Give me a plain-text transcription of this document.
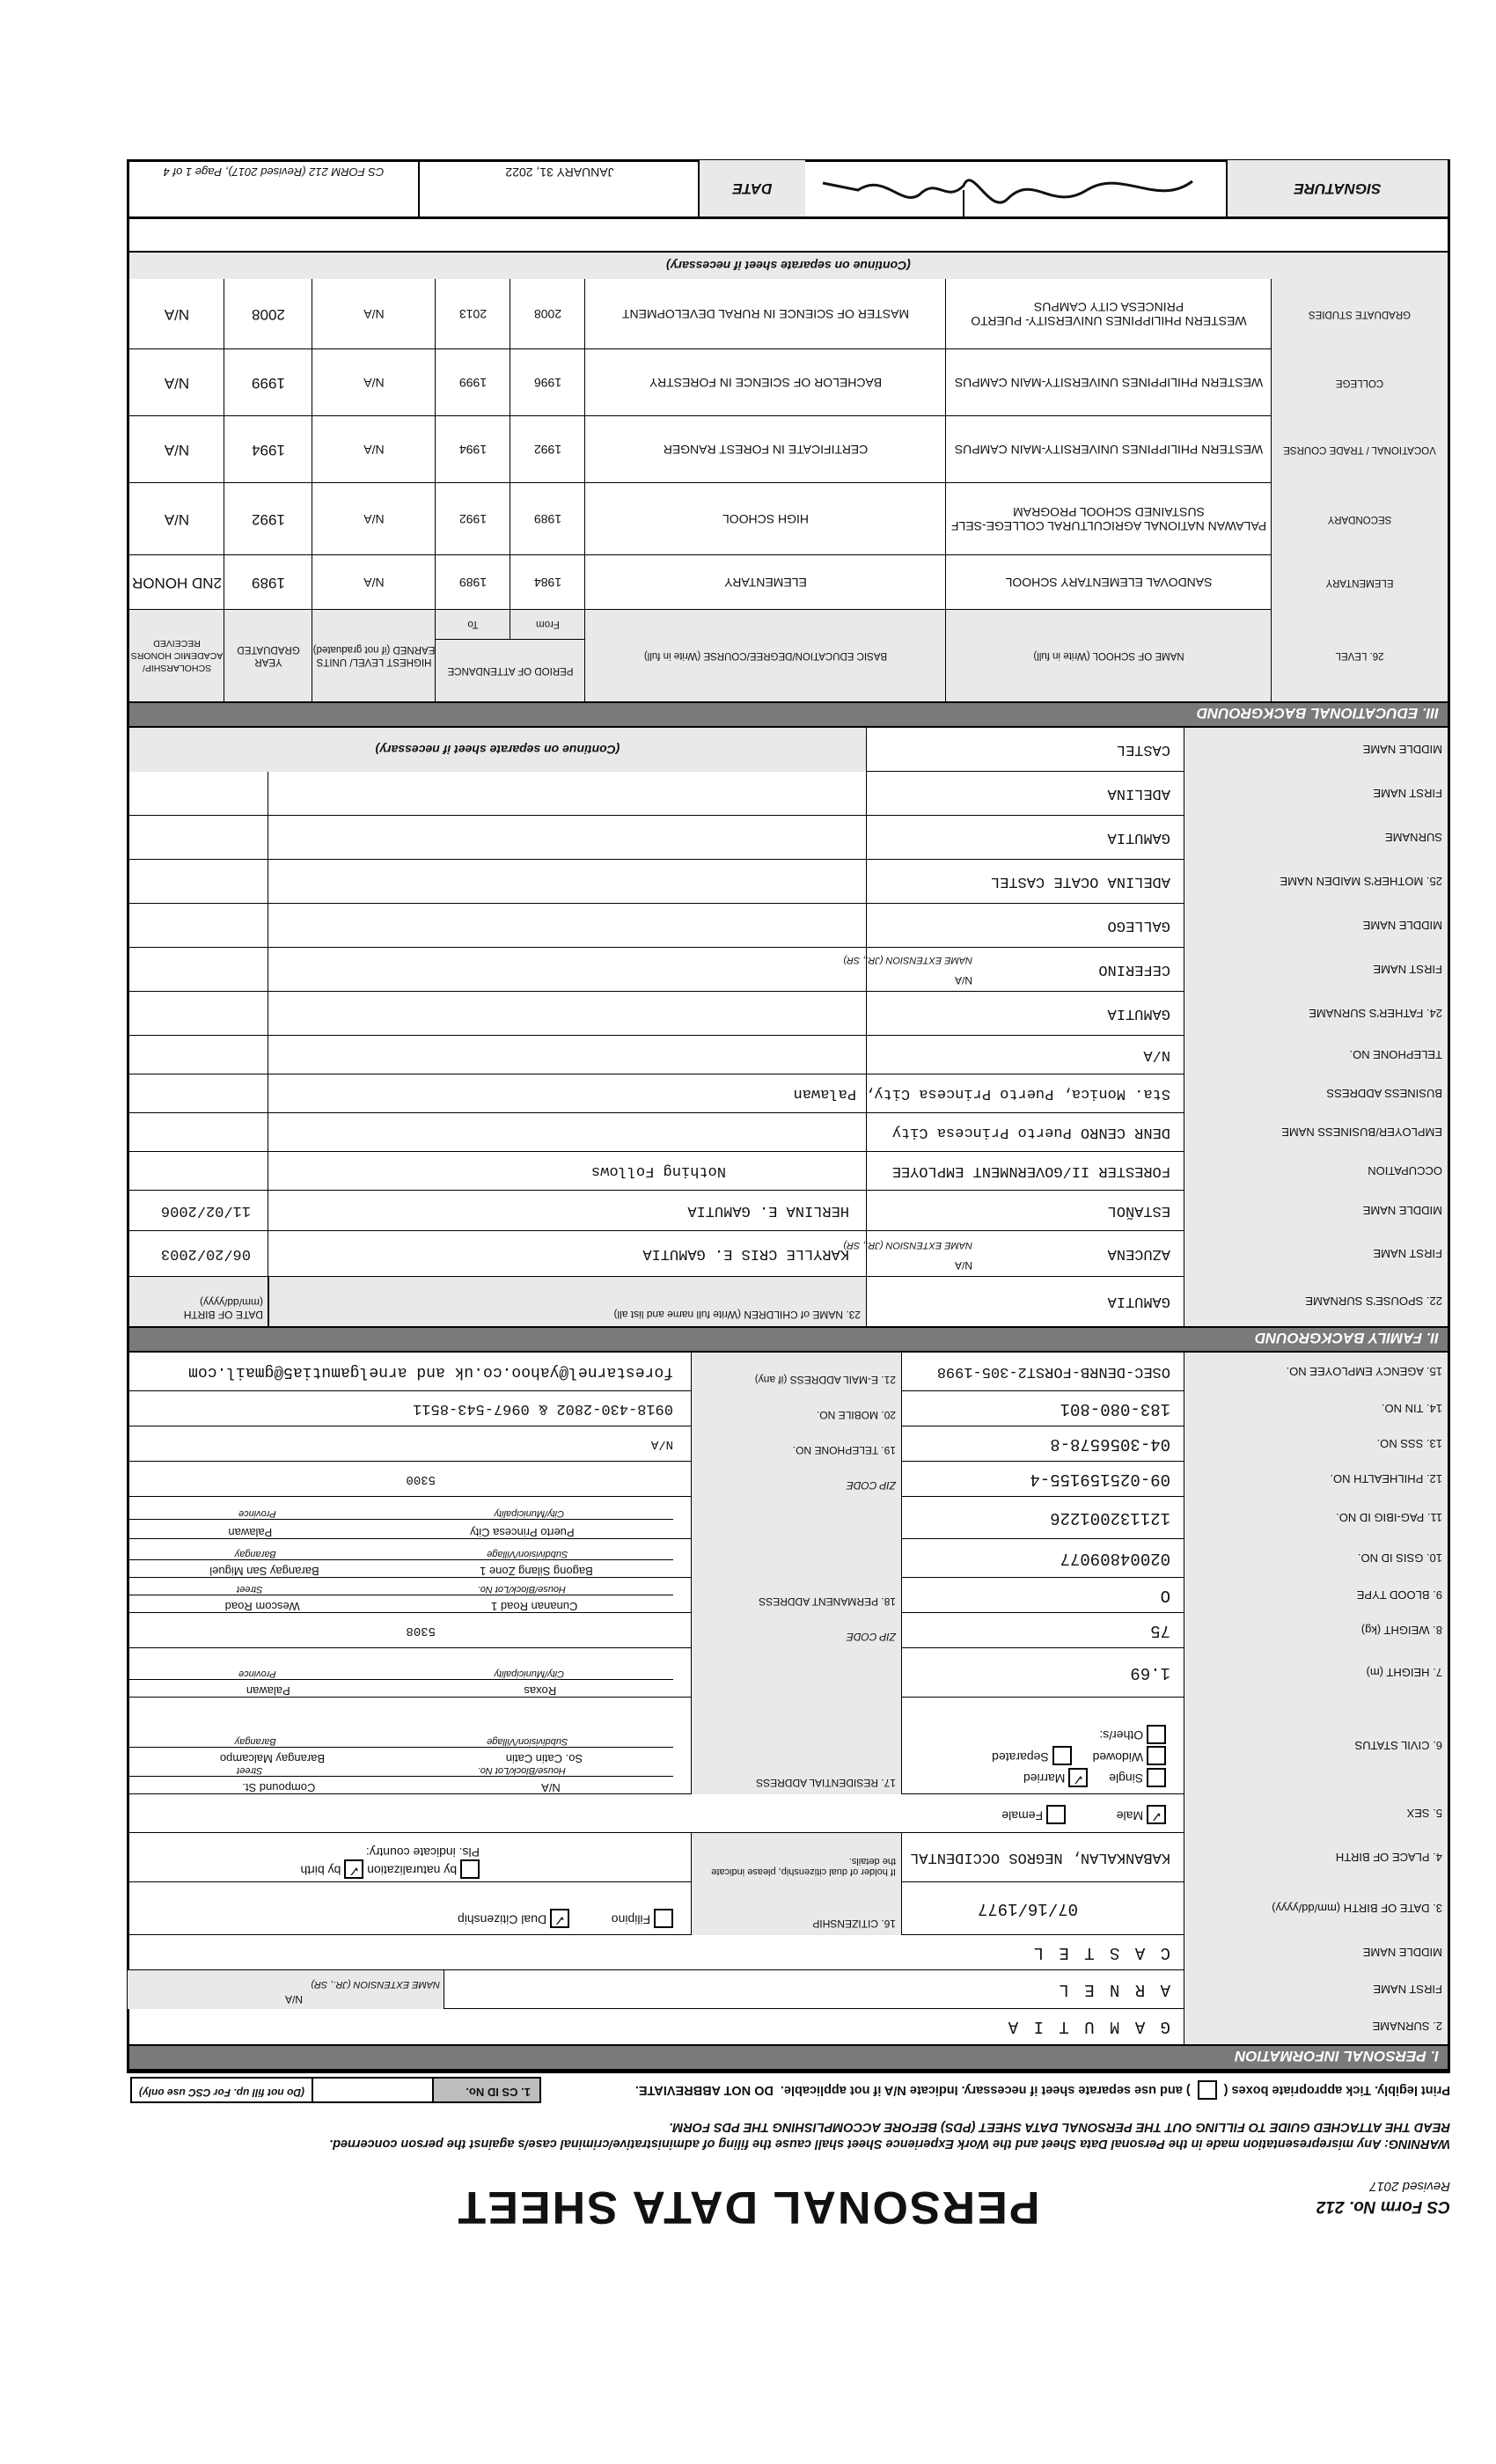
CS Form No. 212
Revised 2017
PERSONAL DATA SHEET
WARNING: Any misrepresentation made in the Personal Data Sheet and the Work Experience Sheet shall cause the filing of administrative/criminal case/s against the person concerned.
READ THE ATTACHED GUIDE TO FILLING OUT THE PERSONAL DATA SHEET (PDS) BEFORE ACCOMPLISHING THE PDS FORM.
Print legibly. Tick appropriate boxes (
) and use separate sheet if necessary. Indicate N/A if not applicable.
DO NOT ABBREVIATE.
1. CS ID No.
(Do not fill up. For CSC use only)
I. PERSONAL INFORMATION
2. SURNAME
G A M U T I A
FIRST NAME
A R N E L
NAME EXTENSION (JR., SR)
N/A
MIDDLE NAME
C A S T E L
3. DATE OF BIRTH (mm/dd/yyyy)
07/16/1977
16. CITIZENSHIP
Filipino  ✓ Dual Citizenship
4. PLACE OF BIRTH
KABANKALAN, NEGROS OCCIDENTAL
If holder of dual citizenship, please indicate the details.
by naturalization ✓ by birth
Pls. indicate country:
5. SEX
✓ Male   Female
6. CIVIL STATUS
Single ✓ Married
Widowed  Separated
Other/s:
17. RESIDENTIAL ADDRESS
N/A
Compound St.
House/Block/Lot No.
Street
So. Catin Catin
Barangay Malcampo
Subdivision/Village
Barangay
7. HEIGHT (m)
1.69
Roxas
Palawan
City/Municipality
Province
8. WEIGHT (kg)
75
ZIP CODE
5308
9. BLOOD TYPE
O
18. PERMANENT ADDRESS
Cunanan Road 1
Wescom Road
House/Block/Lot No.
Street
10. GSIS ID NO.
02004809077
Bagong Silang Zone 1
Barangay San Miguel
Subdivision/Village
Barangay
11. PAG-IBIG ID NO.
121132001226
Puerto Princesa City
Palawan
City/Municipality
Province
12. PHILHEALTH NO.
09-025159155-4
ZIP CODE
5300
13. SSS NO.
04-3056578-8
19. TELEPHONE NO.
N/A
14. TIN NO.
183-080-801
20. MOBILE NO.
0918-430-2802 & 0967-543-8511
15. AGENCY EMPLOYEE NO.
OSEC-DENRB-FORST2-305-1998
21. E-MAIL ADDRESS (if any)
forestarnel@yahoo.co.uk and arnelgamutia5@gmail.com
II. FAMILY BACKGROUND
22. SPOUSE'S SURNAME
GAMUTIA
23. NAME of CHILDREN (Write full name and list all)
DATE OF BIRTH (mm/dd/yyyy)
FIRST NAME
AZUCENA
NAME EXTENSION (JR., SR)
N/A
KARYLLE CRIS E. GAMUTIA
06/20/2003
MIDDLE NAME
ESTAÑOL
HERLINA E. GAMUTIA
11/02/2006
OCCUPATION
FORESTER II/GOVERNMENT EMPLOYEE
Nothing Follows
EMPLOYER/BUSINESS NAME
DENR CENRO Puerto Princesa City
BUSINESS ADDRESS
Sta. Monica, Puerto Princesa City, Palawan
TELEPHONE NO.
N/A
24. FATHER'S SURNAME
GAMUTIA
FIRST NAME
CEFERINO
NAME EXTENSION (JR., SR)
N/A
MIDDLE NAME
GALLEGO
25. MOTHER'S MAIDEN NAME
ADELINA OCATE CASTEL
SURNAME
GAMUTIA
FIRST NAME
ADELINA
MIDDLE NAME
CASTEL
(Continue on separate sheet if necessary)
III. EDUCATIONAL BACKGROUND
26. LEVEL
NAME OF SCHOOL (Write in full)
BASIC EDUCATION/DEGREE/COURSE (Write in full)
PERIOD OF ATTENDANCE
From
To
HIGHEST LEVEL/ UNITS EARNED (if not graduated)
YEAR GRADUATED
SCHOLARSHIP/ ACADEMIC HONORS RECEIVED
ELEMENTARY
SANDOVAL ELEMENTARY SCHOOL
ELEMENTARY
1984
1989
N/A
1989
2ND HONOR
SECONDARY
PALAWAN NATIONAL AGRICULTURAL COLLEGE-SELF SUSTAINED SCHOOL PROGRAM
HIGH SCHOOL
1989
1992
N/A
1992
N/A
VOCATIONAL / TRADE COURSE
WESTERN PHILIPPINES UNIVERSITY-MAIN CAMPUS
CERTIFICATE IN FOREST RANGER
1992
1994
N/A
1994
N/A
COLLEGE
WESTERN PHILIPPINES UNIVERSITY-MAIN CAMPUS
BACHELOR OF SCIENCE IN FORESTRY
1996
1999
N/A
1999
N/A
GRADUATE STUDIES
WESTERN PHILIPPINES UNIVERSITY- PUERTO PRINCESA CITY CAMPUS
MASTER OF SCIENCE IN RURAL DEVELOPMENT
2008
2013
N/A
2008
N/A
(Continue on separate sheet if necessary)
SIGNATURE
DATE
JANUARY 31, 2022
CS FORM 212 (Revised 2017), Page 1 of 4
